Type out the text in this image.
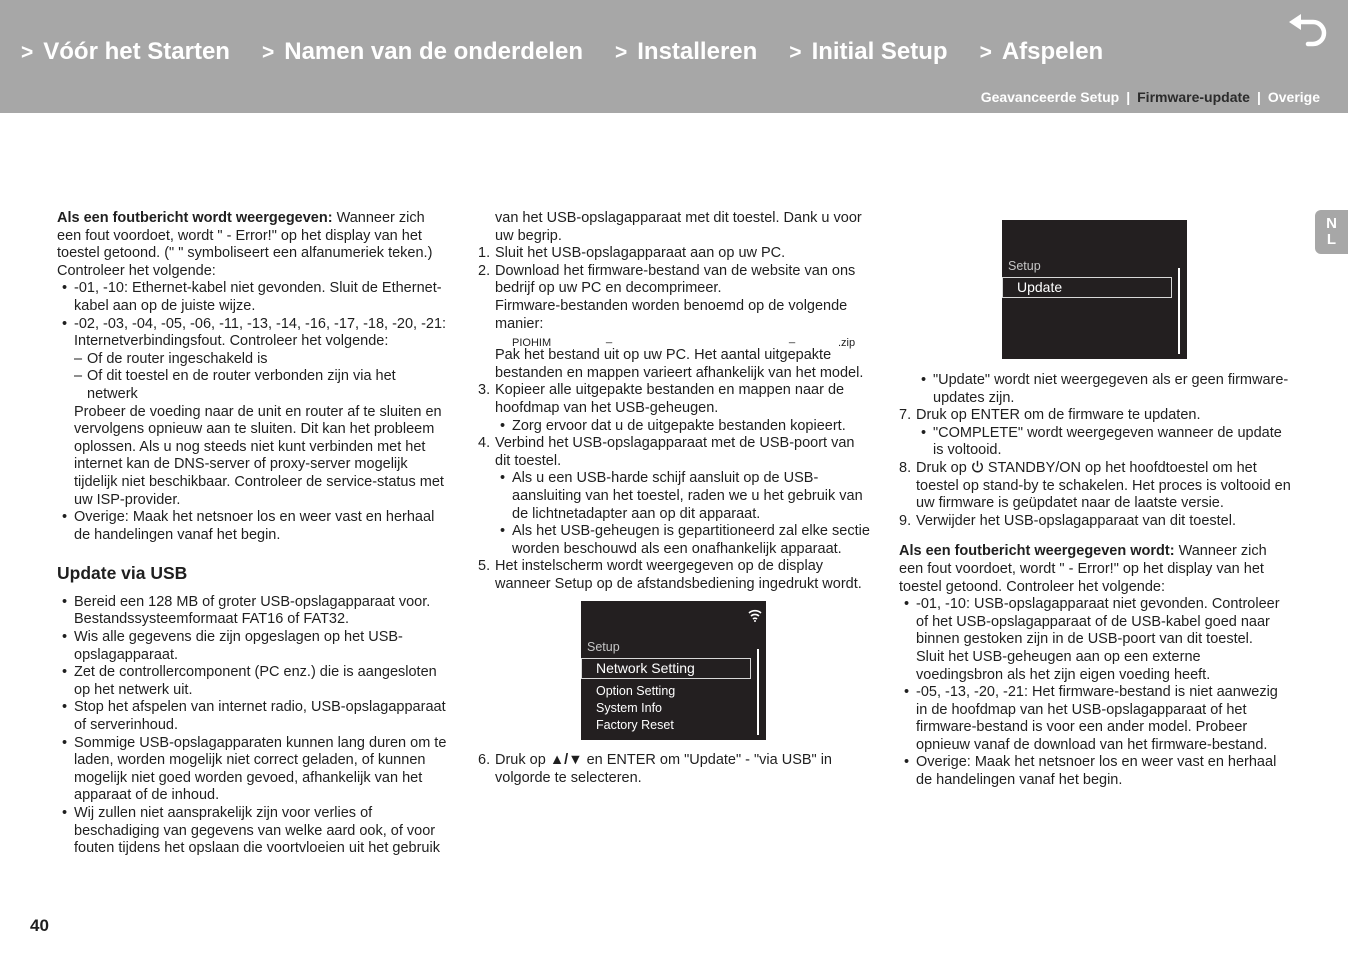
> Vóór het Starten > Namen van de onderdelen > Installeren > Initial Setup > Afspelen
Geavanceerde Setup | Firmware-update | Overige
N
L

Als een foutbericht wordt weergegeven: Wanneer zich een fout voordoet, wordt " - Error!" op het display van het toestel getoond. (" " symboliseert een alfanumeriek teken.) Controleer het volgende:

• -01, -10: Ethernet-kabel niet gevonden. Sluit de Ethernet-kabel aan op de juiste wijze.
• -02, -03, -04, -05, -06, -11, -13, -14, -16, -17, -18, -20, -21: Internetverbindingsfout. Controleer het volgende:
– Of de router ingeschakeld is
– Of dit toestel en de router verbonden zijn via het netwerk
Probeer de voeding naar de unit en router af te sluiten en vervolgens opnieuw aan te sluiten. Dit kan het probleem oplossen. Als u nog steeds niet kunt verbinden met het internet kan de DNS-server of proxy-server mogelijk tijdelijk niet beschikbaar. Controleer de service-status met uw ISP-provider.
• Overige: Maak het netsnoer los en weer vast en herhaal de handelingen vanaf het begin.
Update via USB
• Bereid een 128 MB of groter USB-opslagapparaat voor. Bestandssysteemformaat FAT16 of FAT32.
• Wis alle gegevens die zijn opgeslagen op het USB-opslagapparaat.
• Zet de controllercomponent (PC enz.) die is aangesloten op het netwerk uit.
• Stop het afspelen van internet radio, USB-opslagapparaat of serverinhoud.
• Sommige USB-opslagapparaten kunnen lang duren om te laden, worden mogelijk niet correct geladen, of kunnen mogelijk niet goed worden gevoed, afhankelijk van het apparaat of de inhoud.
• Wij zullen niet aansprakelijk zijn voor verlies of beschadiging van gegevens van welke aard ook, of voor fouten tijdens het opslaan die voortvloeien uit het gebruik

van het USB-opslagapparaat met dit toestel. Dank u voor uw begrip.

1. Sluit het USB-opslagapparaat aan op uw PC.
2. Download het firmware-bestand van de website van ons bedrijf op uw PC en decomprimeer.
Firmware-bestanden worden benoemd op de volgende manier:
PIOHIM	_	_	.zip
Pak het bestand uit op uw PC. Het aantal uitgepakte bestanden en mappen varieert afhankelijk van het model.
3. Kopieer alle uitgepakte bestanden en mappen naar de hoofdmap van het USB-geheugen.
• Zorg ervoor dat u de uitgepakte bestanden kopieert.
4. Verbind het USB-opslagapparaat met de USB-poort van dit toestel.
• Als u een USB-harde schijf aansluit op de USB-aansluiting van het toestel, raden we u het gebruik van de lichtnetadapter aan op dit apparaat.
• Als het USB-geheugen is gepartitioneerd zal elke sectie worden beschouwd als een onafhankelijk apparaat.
5. Het instelscherm wordt weergegeven op de display wanneer Setup op de afstandsbediening ingedrukt wordt.
Setup
Network Setting
Option Setting
System Info
Factory Reset
6. Druk op ▲/▼ en ENTER om "Update" - "via USB" in volgorde te selecteren.
Setup
Update
• "Update" wordt niet weergegeven als er geen firmware-updates zijn.
7. Druk op ENTER om de firmware te updaten.
• "COMPLETE" wordt weergegeven wanneer de update is voltooid.
8. Druk op  STANDBY/ON op het hoofdtoestel om het toestel op stand-by te schakelen. Het proces is voltooid en uw firmware is geüpdatet naar de laatste versie.
9. Verwijder het USB-opslagapparaat van dit toestel.

Als een foutbericht weergegeven wordt: Wanneer zich een fout voordoet, wordt " - Error!" op het display van het toestel getoond. Controleer het volgende:

• -01, -10: USB-opslagapparaat niet gevonden. Controleer of het USB-opslagapparaat of de USB-kabel goed naar binnen gestoken zijn in de USB-poort van dit toestel.
Sluit het USB-geheugen aan op een externe voedingsbron als het zijn eigen voeding heeft.
• -05, -13, -20, -21: Het firmware-bestand is niet aanwezig in de hoofdmap van het USB-opslagapparaat of het firmware-bestand is voor een ander model. Probeer opnieuw vanaf de download van het firmware-bestand.
• Overige: Maak het netsnoer los en weer vast en herhaal de handelingen vanaf het begin.
40
